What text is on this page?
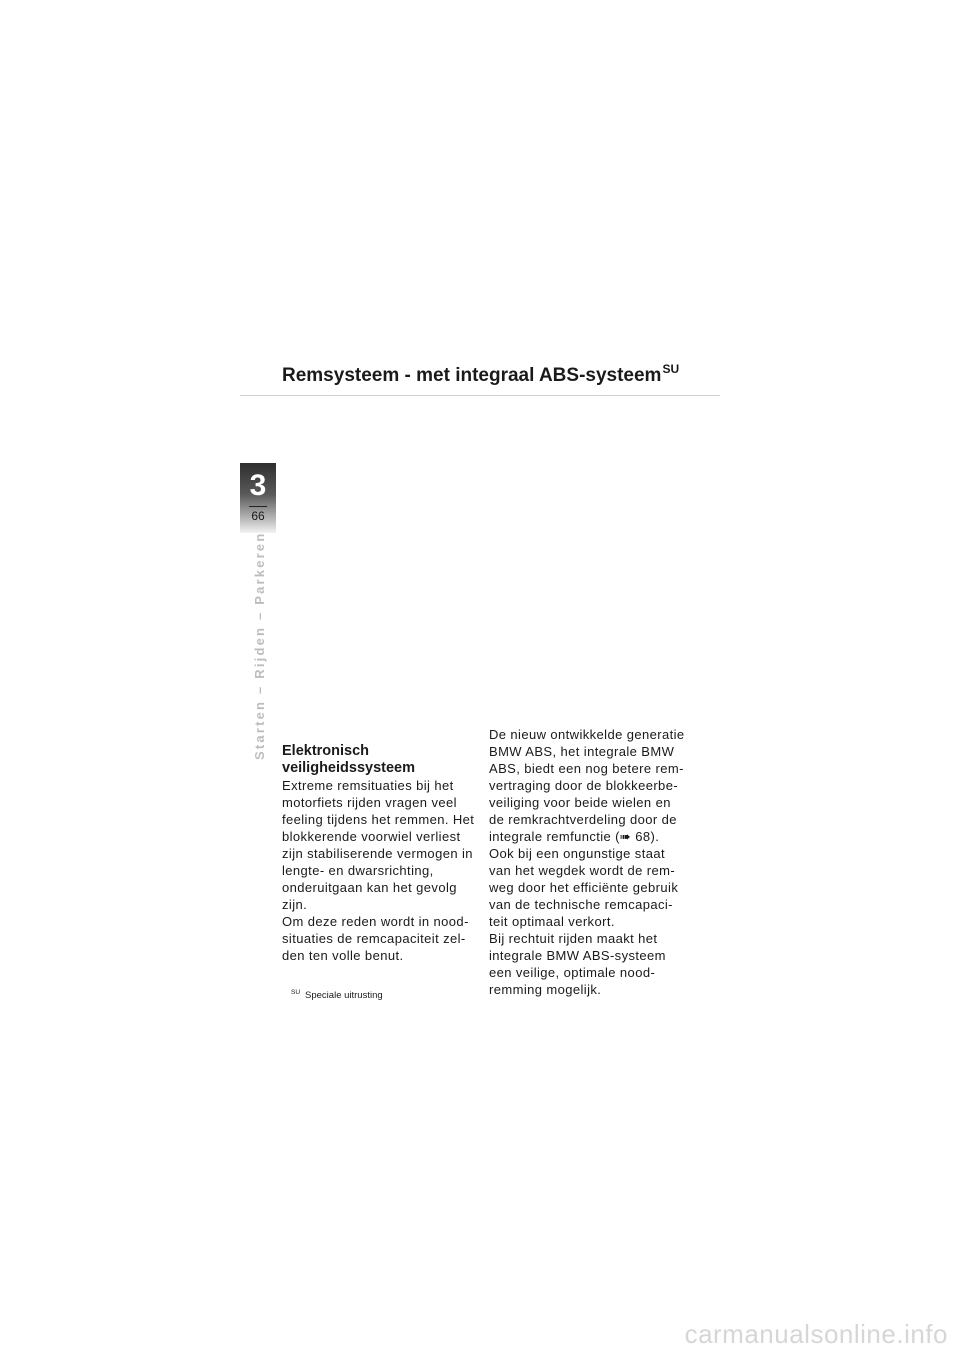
Remsysteem - met integraal ABS-systeem$^{SU}$
3
66
Starten – Rijden – Parkeren Elektronisch
veiligheidssysteem

Extreme remsituaties bij het
motorfiets rijden vragen veel
feeling tijdens het remmen. Het
blokkerende voorwiel verliest
zijn stabiliserende vermogen in
lengte- en dwarsrichting,
onderuitgaan kan het gevolg
zijn.
Om deze reden wordt in nood-
situaties de remcapaciteit zel-
den ten volle benut.

De nieuw ontwikkelde generatie
BMW ABS, het integrale BMW
ABS, biedt een nog betere rem-
vertraging door de blokkeerbe-
veiliging voor beide wielen en
de remkrachtverdeling door de
integrale remfunctie (➠ 68).
Ook bij een ongunstige staat
van het wegdek wordt de rem-
weg door het efficiënte gebruik
van de technische remcapaci-
teit optimaal verkort.
Bij rechtuit rijden maakt het
integrale BMW ABS-systeem
een veilige, optimale nood-
remming mogelijk.

$^{SU}$ Speciale uitrusting
carmanualsonline.info
